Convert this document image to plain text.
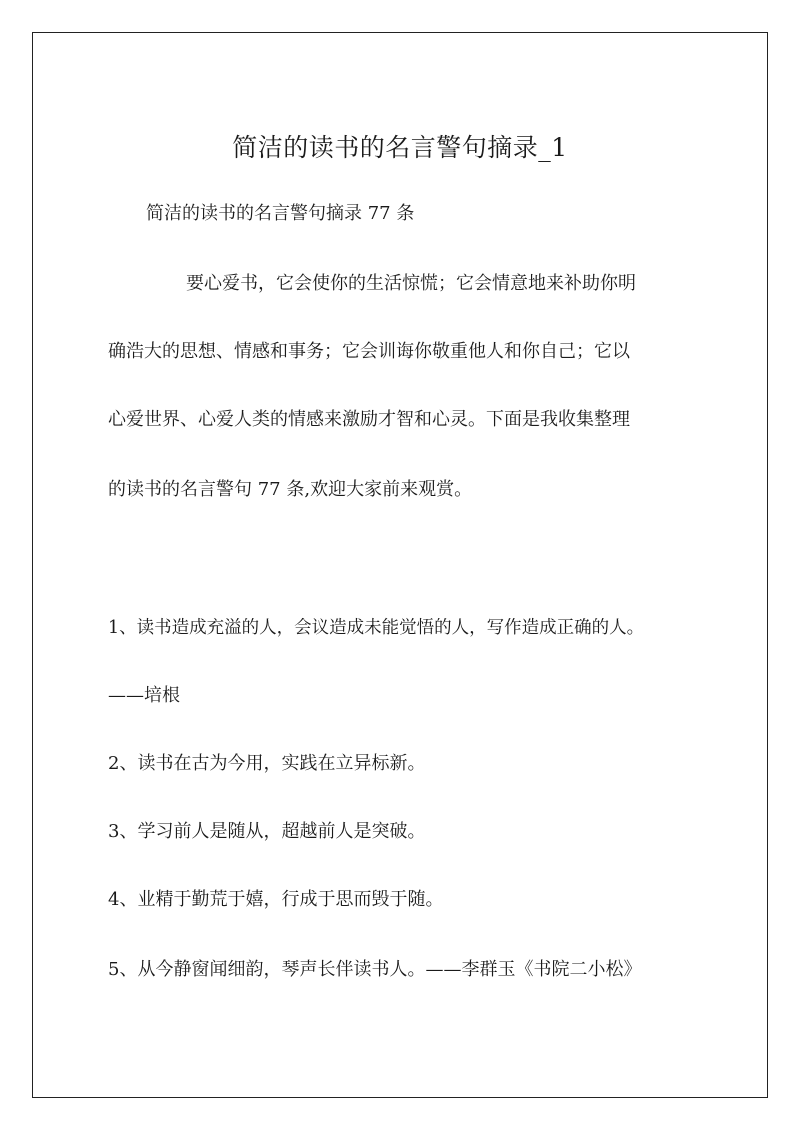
简洁的读书的名言警句摘录_1
简洁的读书的名言警句摘录 77 条
要心爱书，它会使你的生活惊慌；它会情意地来补助你明
确浩大的思想、情感和事务；它会训诲你敬重他人和你自己；它以
心爱世界、心爱人类的情感来激励才智和心灵。下面是我收集整理
的读书的名言警句 77 条,欢迎大家前来观赏。
1、读书造成充溢的人，会议造成未能觉悟的人，写作造成正确的人。
——培根
2、读书在古为今用，实践在立异标新。
3、学习前人是随从，超越前人是突破。
4、业精于勤荒于嬉，行成于思而毁于随。
5、从今静窗闻细韵，琴声长伴读书人。——李群玉《书院二小松》
